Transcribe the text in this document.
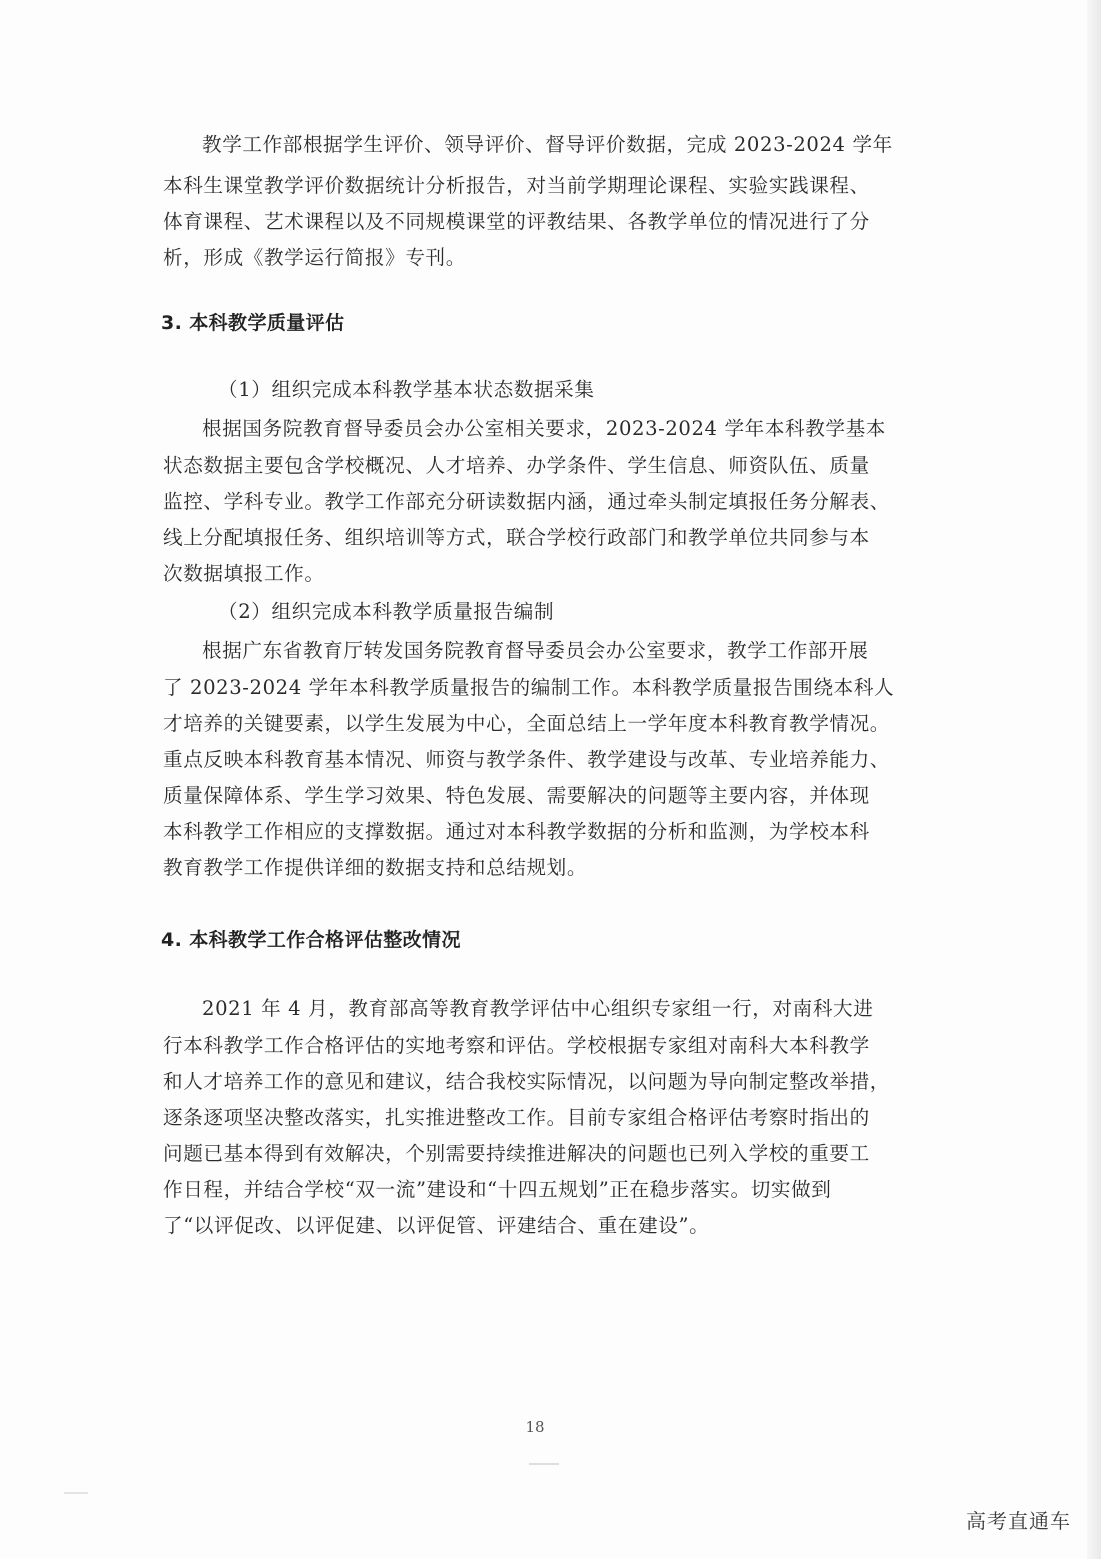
教学工作部根据学生评价、领导评价、督导评价数据，完成 2023-2024 学年
本科生课堂教学评价数据统计分析报告，对当前学期理论课程、实验实践课程、
体育课程、艺术课程以及不同规模课堂的评教结果、各教学单位的情况进行了分
析，形成《教学运行简报》专刊。
3. 本科教学质量评估
（1）组织完成本科教学基本状态数据采集
根据国务院教育督导委员会办公室相关要求，2023-2024 学年本科教学基本
状态数据主要包含学校概况、人才培养、办学条件、学生信息、师资队伍、质量
监控、学科专业。教学工作部充分研读数据内涵，通过牵头制定填报任务分解表、
线上分配填报任务、组织培训等方式，联合学校行政部门和教学单位共同参与本
次数据填报工作。
（2）组织完成本科教学质量报告编制
根据广东省教育厅转发国务院教育督导委员会办公室要求，教学工作部开展
了 2023-2024 学年本科教学质量报告的编制工作。本科教学质量报告围绕本科人
才培养的关键要素，以学生发展为中心，全面总结上一学年度本科教育教学情况。
重点反映本科教育基本情况、师资与教学条件、教学建设与改革、专业培养能力、
质量保障体系、学生学习效果、特色发展、需要解决的问题等主要内容，并体现
本科教学工作相应的支撑数据。通过对本科教学数据的分析和监测，为学校本科
教育教学工作提供详细的数据支持和总结规划。
4. 本科教学工作合格评估整改情况
2021 年 4 月，教育部高等教育教学评估中心组织专家组一行，对南科大进
行本科教学工作合格评估的实地考察和评估。学校根据专家组对南科大本科教学
和人才培养工作的意见和建议，结合我校实际情况，以问题为导向制定整改举措，
逐条逐项坚决整改落实，扎实推进整改工作。目前专家组合格评估考察时指出的
问题已基本得到有效解决，个别需要持续推进解决的问题也已列入学校的重要工
作日程，并结合学校“双一流”建设和“十四五规划”正在稳步落实。切实做到
了“以评促改、以评促建、以评促管、评建结合、重在建设”。
18
高考直通车
